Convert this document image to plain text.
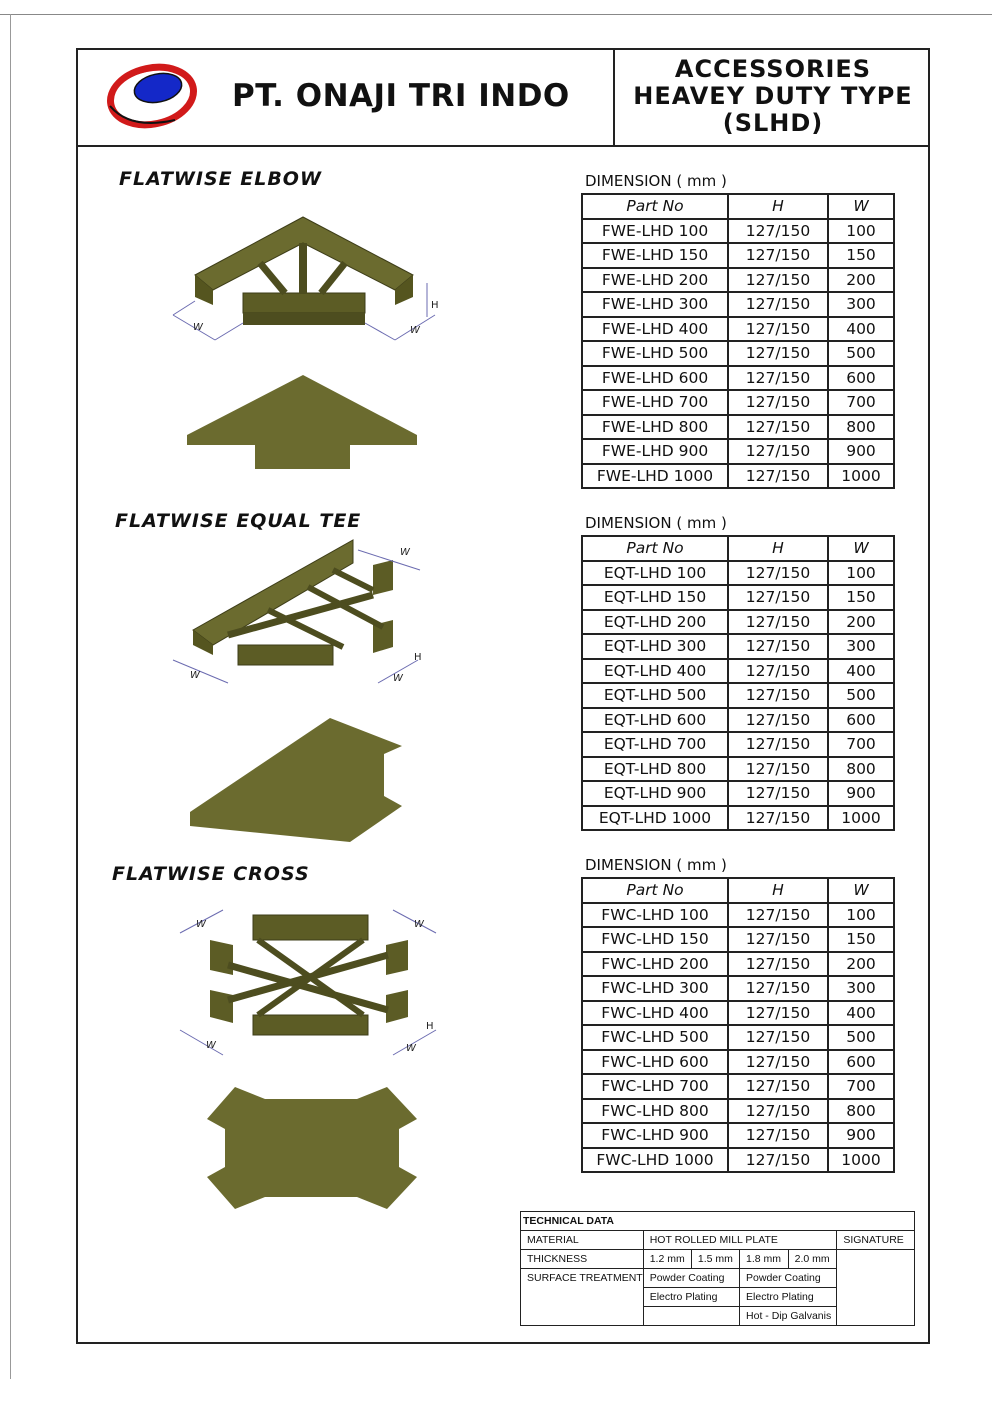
PT. ONAJI TRI INDO
ACCESSORIES
HEAVEY DUTY TYPE
(SLHD)
FLATWISE ELBOW
FLATWISE EQUAL TEE
FLATWISE CROSS
DIMENSION ( mm )
DIMENSION ( mm )
DIMENSION ( mm )
Part No	H	W
FWE-LHD 100	127/150	100
FWE-LHD 150	127/150	150
FWE-LHD 200	127/150	200
FWE-LHD 300	127/150	300
FWE-LHD 400	127/150	400
FWE-LHD 500	127/150	500
FWE-LHD 600	127/150	600
FWE-LHD 700	127/150	700
FWE-LHD 800	127/150	800
FWE-LHD 900	127/150	900
FWE-LHD 1000	127/150	1000
Part No	H	W
EQT-LHD 100	127/150	100
EQT-LHD 150	127/150	150
EQT-LHD 200	127/150	200
EQT-LHD 300	127/150	300
EQT-LHD 400	127/150	400
EQT-LHD 500	127/150	500
EQT-LHD 600	127/150	600
EQT-LHD 700	127/150	700
EQT-LHD 800	127/150	800
EQT-LHD 900	127/150	900
EQT-LHD 1000	127/150	1000
Part No	H	W
FWC-LHD 100	127/150	100
FWC-LHD 150	127/150	150
FWC-LHD 200	127/150	200
FWC-LHD 300	127/150	300
FWC-LHD 400	127/150	400
FWC-LHD 500	127/150	500
FWC-LHD 600	127/150	600
FWC-LHD 700	127/150	700
FWC-LHD 800	127/150	800
FWC-LHD 900	127/150	900
FWC-LHD 1000	127/150	1000
W	W
H
W	W
W
H
W	W
W	W
H
TECHNICAL DATA					
MATERIAL	HOT ROLLED MILL PLATE				SIGNATURE
THICKNESS	1.2 mm	1.5 mm	1.8 mm	2.0 mm	
SURFACE TREATMENT	Powder Coating		Powder Coating		
	Electro Plating		Electro Plating		
			Hot - Dip Galvanis		
